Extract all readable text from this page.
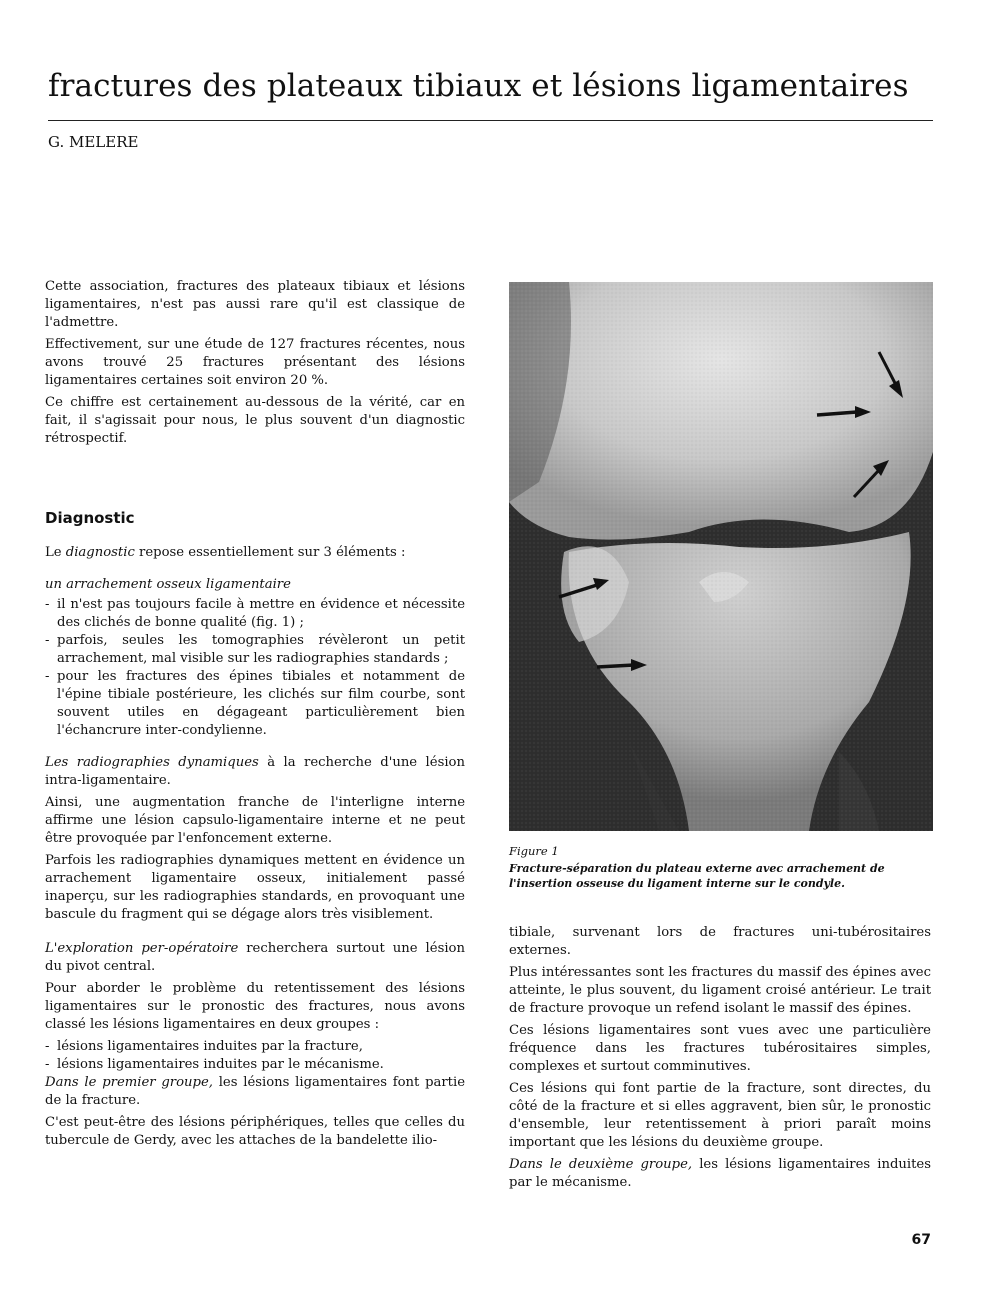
fractures des plateaux tibiaux et lésions ligamentaires
G. MELERE

Cette association, fractures des plateaux tibiaux et lésions ligamentaires, n'est pas aussi rare qu'il est classique de l'admettre.

Effectivement, sur une étude de 127 fractures récentes, nous avons trouvé 25 fractures présentant des lésions ligamentaires certaines soit environ 20 %.

Ce chiffre est certainement au-dessous de la vérité, car en fait, il s'agissait pour nous, le plus souvent d'un diagnostic rétrospectif.

Diagnostic

Le diagnostic repose essentiellement sur 3 éléments :

un arrachement osseux ligamentaire

- il n'est pas toujours facile à mettre en évidence et nécessite des clichés de bonne qualité (fig. 1) ;
- parfois, seules les tomographies révèleront un petit arrachement, mal visible sur les radiographies standards ;
- pour les fractures des épines tibiales et notamment de l'épine tibiale postérieure, les clichés sur film courbe, sont souvent utiles en dégageant particulièrement bien l'échancrure inter-condylienne.

Les radiographies dynamiques à la recherche d'une lésion intra-ligamentaire.

Ainsi, une augmentation franche de l'interligne interne affirme une lésion capsulo-ligamentaire interne et ne peut être provoquée par l'enfoncement externe.

Parfois les radiographies dynamiques mettent en évidence un arrachement ligamentaire osseux, initialement passé inaperçu, sur les radiographies standards, en provoquant une bascule du fragment qui se dégage alors très visiblement.

L'exploration per-opératoire recherchera surtout une lésion du pivot central.

Pour aborder le problème du retentissement des lésions ligamentaires sur le pronostic des fractures, nous avons classé les lésions ligamentaires en deux groupes :

- lésions ligamentaires induites par la fracture,
- lésions ligamentaires induites par le mécanisme.

Dans le premier groupe, les lésions ligamentaires font partie de la fracture.

C'est peut-être des lésions périphériques, telles que celles du tubercule de Gerdy, avec les attaches de la bandelette ilio-

Figure 1

Fracture-séparation du plateau externe avec arrachement de l'insertion osseuse du ligament interne sur le condyle.

tibiale, survenant lors de fractures uni-tubérositaires externes.

Plus intéressantes sont les fractures du massif des épines avec atteinte, le plus souvent, du ligament croisé antérieur. Le trait de fracture provoque un refend isolant le massif des épines.

Ces lésions ligamentaires sont vues avec une particulière fréquence dans les fractures tubérositaires simples, complexes et surtout comminutives.

Ces lésions qui font partie de la fracture, sont directes, du côté de la fracture et si elles aggravent, bien sûr, le pronostic d'ensemble, leur retentissement à priori paraît moins important que les lésions du deuxième groupe.

Dans le deuxième groupe, les lésions ligamentaires induites par le mécanisme.

67
